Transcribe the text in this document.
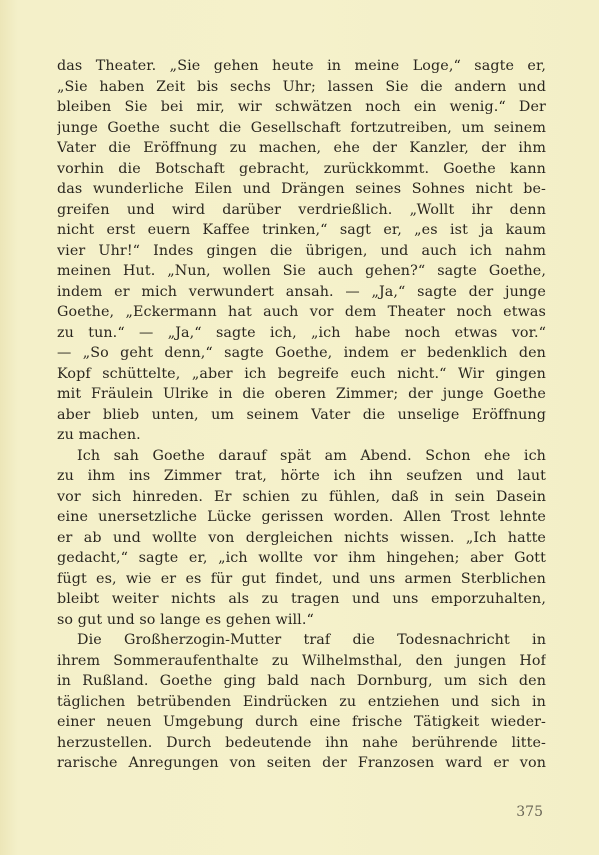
das Theater. „Sie gehen heute in meine Loge,“ sagte er,
„Sie haben Zeit bis sechs Uhr; lassen Sie die andern und
bleiben Sie bei mir, wir schwätzen noch ein wenig.“ Der
junge Goethe sucht die Gesellschaft fortzutreiben, um seinem
Vater die Eröffnung zu machen, ehe der Kanzler, der ihm
vorhin die Botschaft gebracht, zurückkommt. Goethe kann
das wunderliche Eilen und Drängen seines Sohnes nicht be-
greifen und wird darüber verdrießlich. „Wollt ihr denn
nicht erst euern Kaffee trinken,“ sagt er, „es ist ja kaum
vier Uhr!“ Indes gingen die übrigen, und auch ich nahm
meinen Hut. „Nun, wollen Sie auch gehen?“ sagte Goethe,
indem er mich verwundert ansah. — „Ja,“ sagte der junge
Goethe, „Eckermann hat auch vor dem Theater noch etwas
zu tun.“ — „Ja,“ sagte ich, „ich habe noch etwas vor.“
— „So geht denn,“ sagte Goethe, indem er bedenklich den
Kopf schüttelte, „aber ich begreife euch nicht.“ Wir gingen
mit Fräulein Ulrike in die oberen Zimmer; der junge Goethe
aber blieb unten, um seinem Vater die unselige Eröffnung
zu machen.
Ich sah Goethe darauf spät am Abend. Schon ehe ich
zu ihm ins Zimmer trat, hörte ich ihn seufzen und laut
vor sich hinreden. Er schien zu fühlen, daß in sein Dasein
eine unersetzliche Lücke gerissen worden. Allen Trost lehnte
er ab und wollte von dergleichen nichts wissen. „Ich hatte
gedacht,“ sagte er, „ich wollte vor ihm hingehen; aber Gott
fügt es, wie er es für gut findet, und uns armen Sterblichen
bleibt weiter nichts als zu tragen und uns emporzuhalten,
so gut und so lange es gehen will.“
Die Großherzogin-Mutter traf die Todesnachricht in
ihrem Sommeraufenthalte zu Wilhelmsthal, den jungen Hof
in Rußland. Goethe ging bald nach Dornburg, um sich den
täglichen betrübenden Eindrücken zu entziehen und sich in
einer neuen Umgebung durch eine frische Tätigkeit wieder-
herzustellen. Durch bedeutende ihn nahe berührende litte-
rarische Anregungen von seiten der Franzosen ward er von
375
